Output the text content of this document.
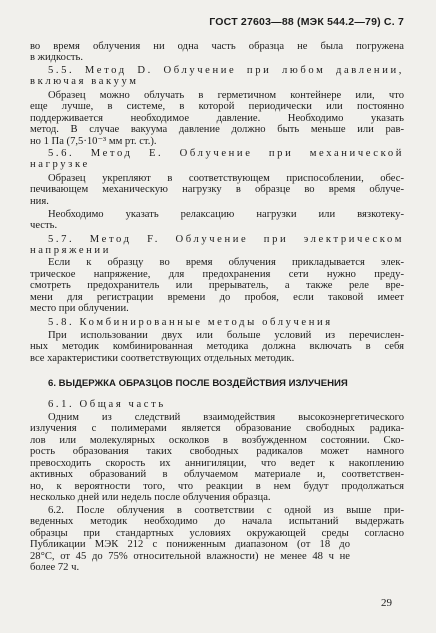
ГОСТ 27603—88 (МЭК 544.2—79) С. 7
во время облучения ни одна часть образца не была погружена
в жидкость.
5.5. Метод D. Облучение при любом давлении,
включая вакуум
Образец можно облучать в герметичном контейнере или, что
еще лучше, в системе, в которой периодически или постоянно
поддерживается необходимое давление. Необходимо указать
метод. В случае вакуума давление должно быть меньше или рав-
но 1 Па (7,5·10⁻³ мм рт. ст.).
5.6. Метод Е. Облучение при механической
нагрузке
Образец укрепляют в соответствующем приспособлении, обес-
печивающем механическую нагрузку в образце во время облуче-
ния.
Необходимо указать релаксацию нагрузки или вязкотеку-
честь.
5.7. Метод F. Облучение при электрическом
напряжении
Если к образцу во время облучения прикладывается элек-
трическое напряжение, для предохранения сети нужно преду-
смотреть предохранитель или прерыватель, а также реле вре-
мени для регистрации времени до пробоя, если таковой имеет
место при облучении.
5.8. Комбинированные методы облучения
При использовании двух или больше условий из перечислен-
ных методик комбинированная методика должна включать в себя
все характеристики соответствующих отдельных методик.
6. ВЫДЕРЖКА ОБРАЗЦОВ ПОСЛЕ ВОЗДЕЙСТВИЯ ИЗЛУЧЕНИЯ
6.1. Общая часть
Одним из следствий взаимодействия высокоэнергетического
излучения с полимерами является образование свободных радика-
лов или молекулярных осколков в возбужденном состоянии. Ско-
рость образования таких свободных радикалов может намного
превосходить скорость их аннигиляции, что ведет к накоплению
активных образований в облучаемом материале и, соответствен-
но, к вероятности того, что реакции в нем будут продолжаться
несколько дней или недель после облучения образца.
6.2. После облучения в соответствии с одной из выше при-
веденных методик необходимо до начала испытаний выдержать
образцы при стандартных условиях окружающей среды согласно
Публикации МЭК 212 с пониженным диапазоном (от 18 до
28°С, от 45 до 75% относительной влажности) не менее 48 ч не
более 72 ч.
29
